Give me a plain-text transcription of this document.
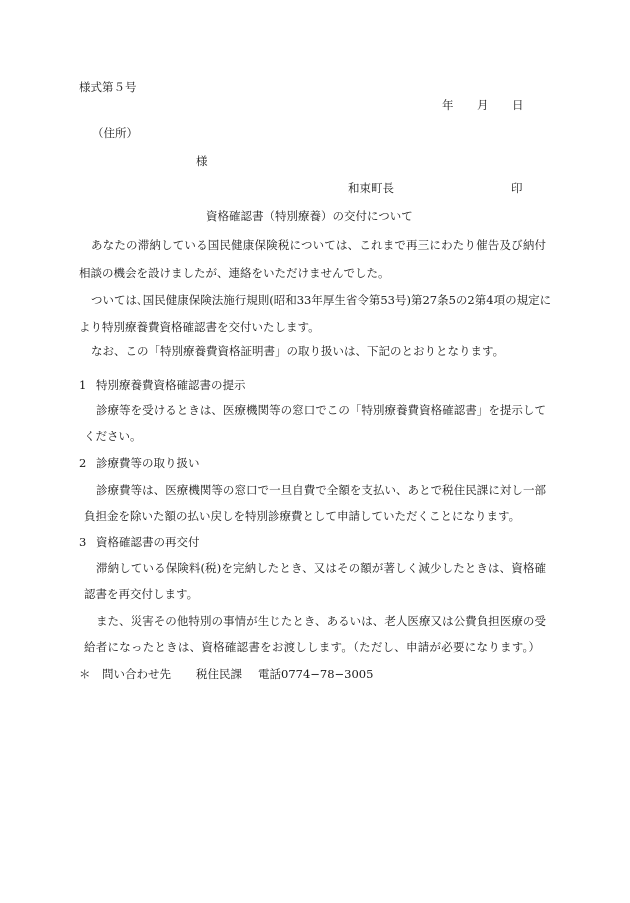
様式第５号
年 月 日
（住所）
様
和束町長	印
資格確認書（特別療養）の交付について
あなたの滞納している国民健康保険税については、これまで再三にわたり催告及び納付
相談の機会を設けましたが、連絡をいただけませんでした。
ついては､国民健康保険法施行規則(昭和33年厚生省令第53号)第27条5の2第4項の規定に
より特別療養費資格確認書を交付いたします。
なお、この「特別療養費資格証明書」の取り扱いは、下記のとおりとなります。
1 特別療養費資格確認書の提示
診療等を受けるときは、医療機関等の窓口でこの「特別療養費資格確認書」を提示して
ください。
2 診療費等の取り扱い
診療費等は、医療機関等の窓口で一旦自費で全額を支払い、あとで税住民課に対し一部
負担金を除いた額の払い戻しを特別診療費として申請していただくことになります。
3 資格確認書の再交付
滞納している保険料(税)を完納したとき、又はその額が著しく減少したときは、資格確
認書を再交付します。
また、災害その他特別の事情が生じたとき、あるいは、老人医療又は公費負担医療の受
給者になったときは、資格確認書をお渡しします。（ただし、申請が必要になります。）
＊ 問い合わせ先 税住民課 電話0774−78−3005
